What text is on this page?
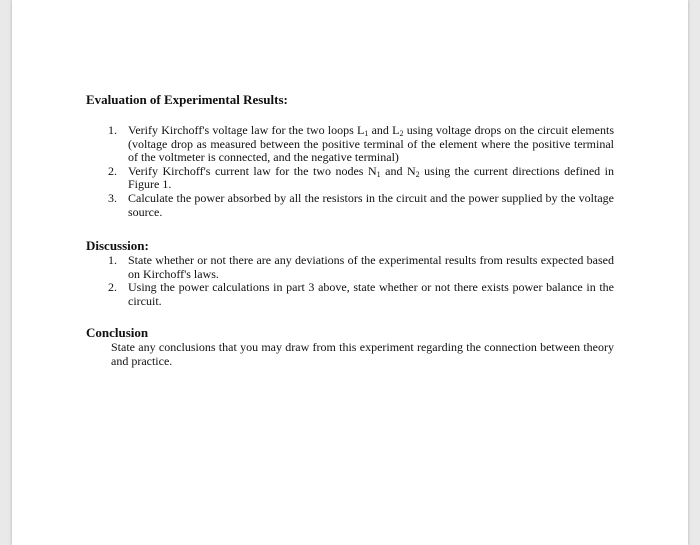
Evaluation of Experimental Results:
1. Verify Kirchoff's voltage law for the two loops $L_1$ and $L_2$ using voltage drops on the circuit elements (voltage drop as measured between the positive terminal of the element where the positive terminal of the voltmeter is connected, and the negative terminal)
2. Verify Kirchoff's current law for the two nodes $N_1$ and $N_2$ using the current directions defined in Figure 1.
3. Calculate the power absorbed by all the resistors in the circuit and the power supplied by the voltage source.
Discussion:
1. State whether or not there are any deviations of the experimental results from results expected based on Kirchoff's laws.
2. Using the power calculations in part 3 above, state whether or not there exists power balance in the circuit.
Conclusion
State any conclusions that you may draw from this experiment regarding the connection between theory and practice.
